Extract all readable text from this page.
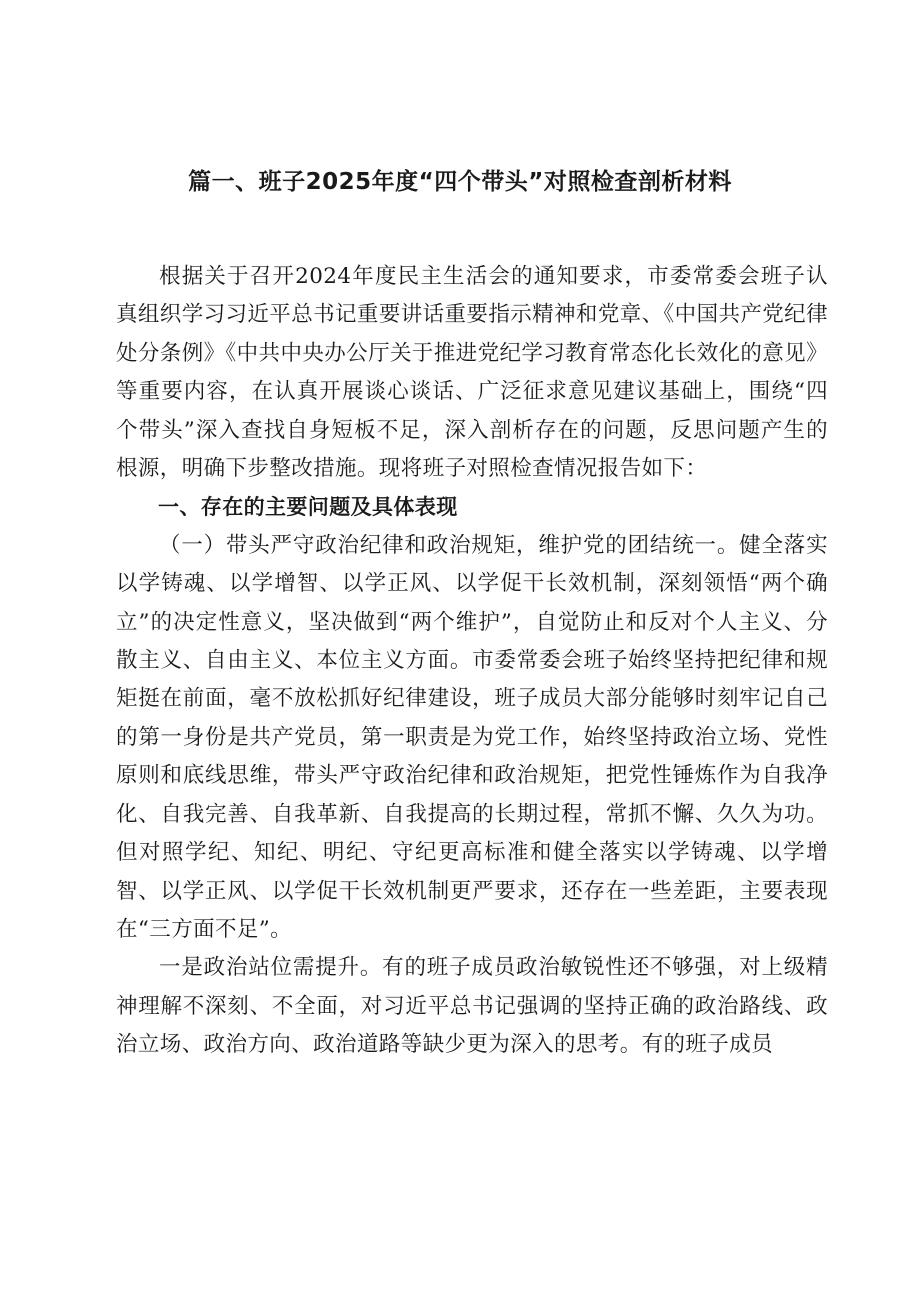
篇一、班子2025年度“四个带头”对照检查剖析材料

根据关于召开2024年度民主生活会的通知要求，市委常委会班子认真组织学习习近平总书记重要讲话重要指示精神和党章、《中国共产党纪律处分条例》《中共中央办公厅关于推进党纪学习教育常态化长效化的意见》等重要内容，在认真开展谈心谈话、广泛征求意见建议基础上，围绕“四个带头”深入查找自身短板不足，深入剖析存在的问题，反思问题产生的根源，明确下步整改措施。现将班子对照检查情况报告如下：

一、存在的主要问题及具体表现

（一）带头严守政治纪律和政治规矩，维护党的团结统一。健全落实以学铸魂、以学增智、以学正风、以学促干长效机制，深刻领悟“两个确立”的决定性意义，坚决做到“两个维护”，自觉防止和反对个人主义、分散主义、自由主义、本位主义方面。市委常委会班子始终坚持把纪律和规矩挺在前面，毫不放松抓好纪律建设，班子成员大部分能够时刻牢记自己的第一身份是共产党员，第一职责是为党工作，始终坚持政治立场、党性原则和底线思维，带头严守政治纪律和政治规矩，把党性锤炼作为自我净化、自我完善、自我革新、自我提高的长期过程，常抓不懈、久久为功。但对照学纪、知纪、明纪、守纪更高标准和健全落实以学铸魂、以学增智、以学正风、以学促干长效机制更严要求，还存在一些差距，主要表现在“三方面不足”。

一是政治站位需提升。有的班子成员政治敏锐性还不够强，对上级精神理解不深刻、不全面，对习近平总书记强调的坚持正确的政治路线、政治立场、政治方向、政治道路等缺少更为深入的思考。有的班子成员
